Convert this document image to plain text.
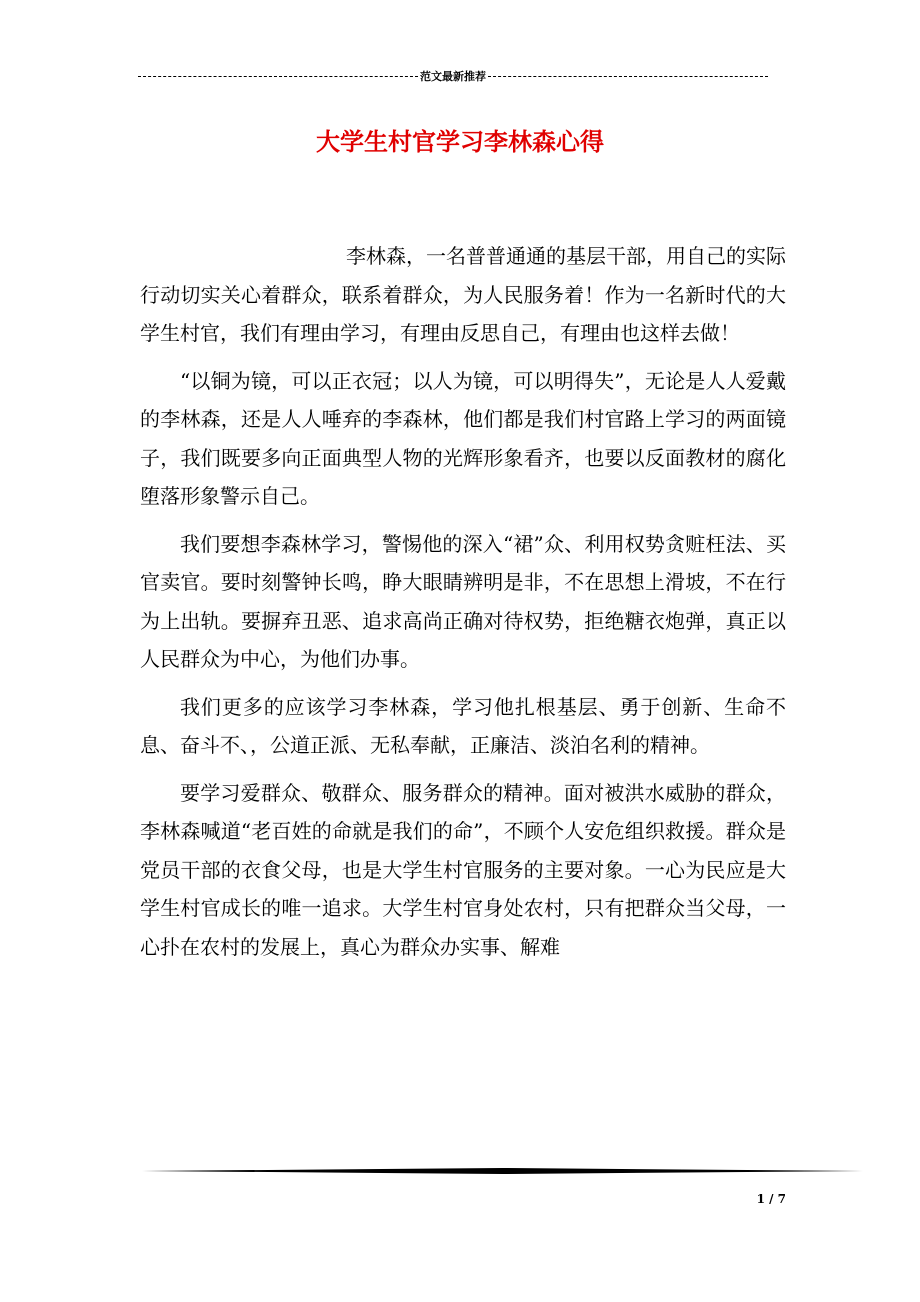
范文最新推荐
大学生村官学习李林森心得

李林森，一名普普通通的基层干部，用自己的实际行动切实关心着群众，联系着群众，为人民服务着！作为一名新时代的大学生村官，我们有理由学习，有理由反思自己，有理由也这样去做！

“以铜为镜，可以正衣冠；以人为镜，可以明得失”，无论是人人爱戴的李林森，还是人人唾弃的李森林，他们都是我们村官路上学习的两面镜子，我们既要多向正面典型人物的光辉形象看齐，也要以反面教材的腐化堕落形象警示自己。

我们要想李森林学习，警惕他的深入“裙”众、利用权势贪赃枉法、买官卖官。要时刻警钟长鸣，睁大眼睛辨明是非，不在思想上滑坡，不在行为上出轨。要摒弃丑恶、追求高尚正确对待权势，拒绝糖衣炮弹，真正以人民群众为中心，为他们办事。

我们更多的应该学习李林森，学习他扎根基层、勇于创新、生命不息、奋斗不、，公道正派、无私奉献，正廉洁、淡泊名利的精神。

要学习爱群众、敬群众、服务群众的精神。面对被洪水威胁的群众，李林森喊道“老百姓的命就是我们的命”，不顾个人安危组织救援。群众是党员干部的衣食父母，也是大学生村官服务的主要对象。一心为民应是大学生村官成长的唯一追求。大学生村官身处农村，只有把群众当父母，一心扑在农村的发展上，真心为群众办实事、解难

1 / 7
